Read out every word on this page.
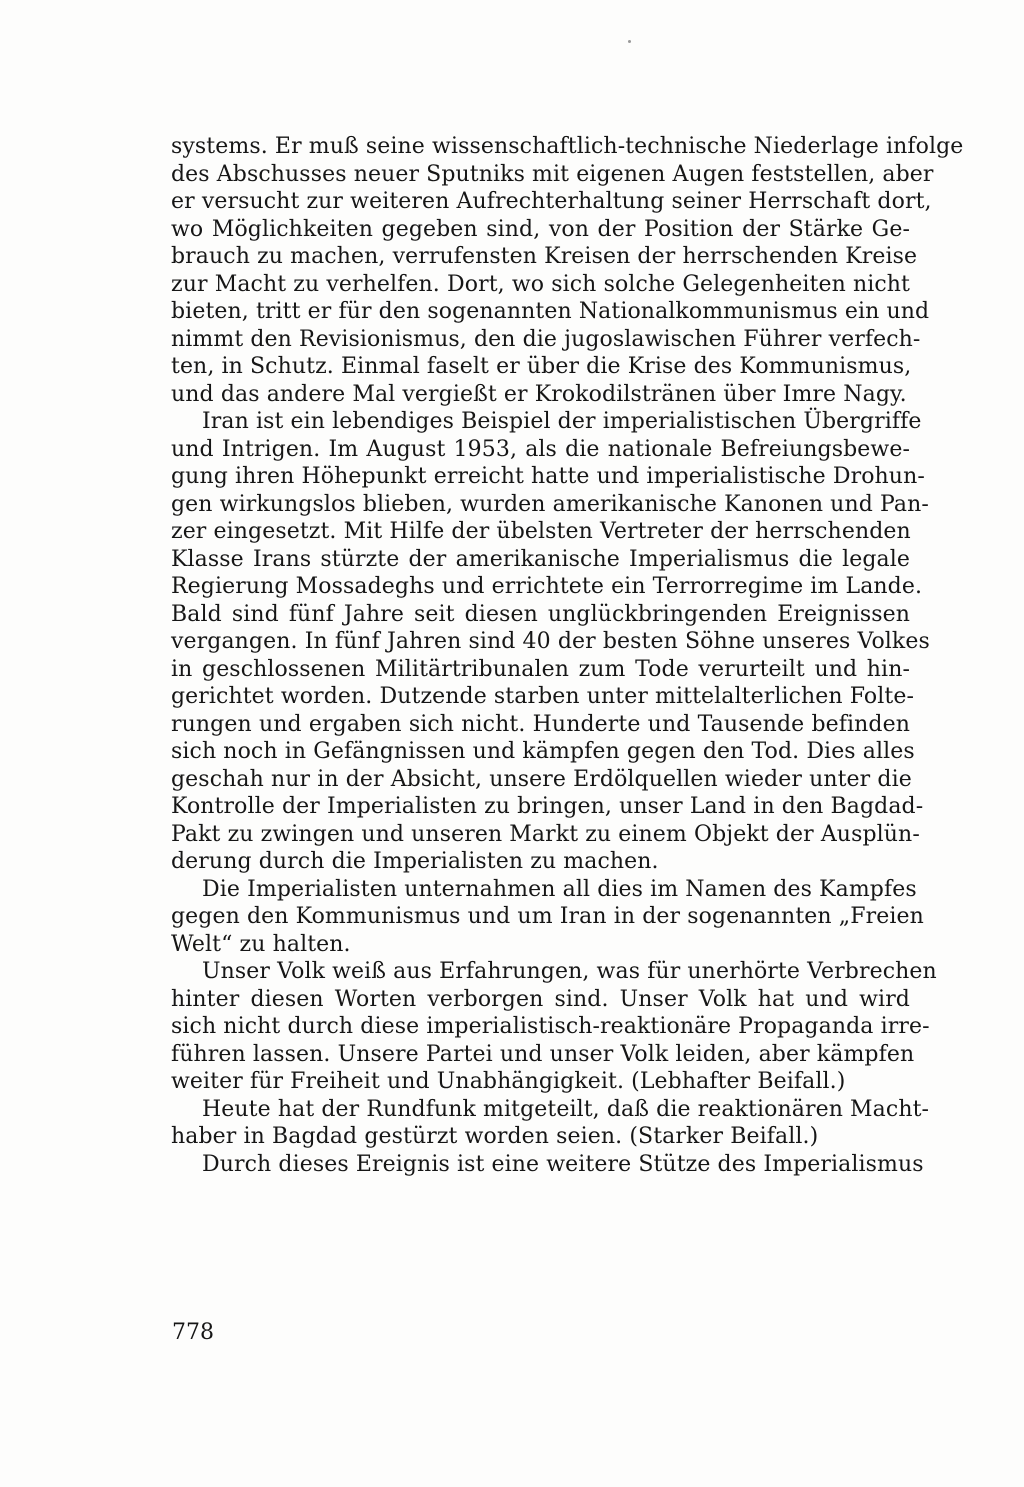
systems. Er muß seine wissenschaftlich-technische Niederlage infolge
des Abschusses neuer Sputniks mit eigenen Augen feststellen, aber
er versucht zur weiteren Aufrechterhaltung seiner Herrschaft dort,
wo Möglichkeiten gegeben sind, von der Position der Stärke Ge-
brauch zu machen, verrufensten Kreisen der herrschenden Kreise
zur Macht zu verhelfen. Dort, wo sich solche Gelegenheiten nicht
bieten, tritt er für den sogenannten Nationalkommunismus ein und
nimmt den Revisionismus, den die jugoslawischen Führer verfech-
ten, in Schutz. Einmal faselt er über die Krise des Kommunismus,
und das andere Mal vergießt er Krokodilstränen über Imre Nagy.
Iran ist ein lebendiges Beispiel der imperialistischen Übergriffe
und Intrigen. Im August 1953, als die nationale Befreiungsbewe-
gung ihren Höhepunkt erreicht hatte und imperialistische Drohun-
gen wirkungslos blieben, wurden amerikanische Kanonen und Pan-
zer eingesetzt. Mit Hilfe der übelsten Vertreter der herrschenden
Klasse Irans stürzte der amerikanische Imperialismus die legale
Regierung Mossadeghs und errichtete ein Terrorregime im Lande.
Bald sind fünf Jahre seit diesen unglückbringenden Ereignissen
vergangen. In fünf Jahren sind 40 der besten Söhne unseres Volkes
in geschlossenen Militärtribunalen zum Tode verurteilt und hin-
gerichtet worden. Dutzende starben unter mittelalterlichen Folte-
rungen und ergaben sich nicht. Hunderte und Tausende befinden
sich noch in Gefängnissen und kämpfen gegen den Tod. Dies alles
geschah nur in der Absicht, unsere Erdölquellen wieder unter die
Kontrolle der Imperialisten zu bringen, unser Land in den Bagdad-
Pakt zu zwingen und unseren Markt zu einem Objekt der Ausplün-
derung durch die Imperialisten zu machen.
Die Imperialisten unternahmen all dies im Namen des Kampfes
gegen den Kommunismus und um Iran in der sogenannten „Freien
Welt“ zu halten.
Unser Volk weiß aus Erfahrungen, was für unerhörte Verbrechen
hinter diesen Worten verborgen sind. Unser Volk hat und wird
sich nicht durch diese imperialistisch-reaktionäre Propaganda irre-
führen lassen. Unsere Partei und unser Volk leiden, aber kämpfen
weiter für Freiheit und Unabhängigkeit. (Lebhafter Beifall.)
Heute hat der Rundfunk mitgeteilt, daß die reaktionären Macht-
haber in Bagdad gestürzt worden seien. (Starker Beifall.)
Durch dieses Ereignis ist eine weitere Stütze des Imperialismus
778
